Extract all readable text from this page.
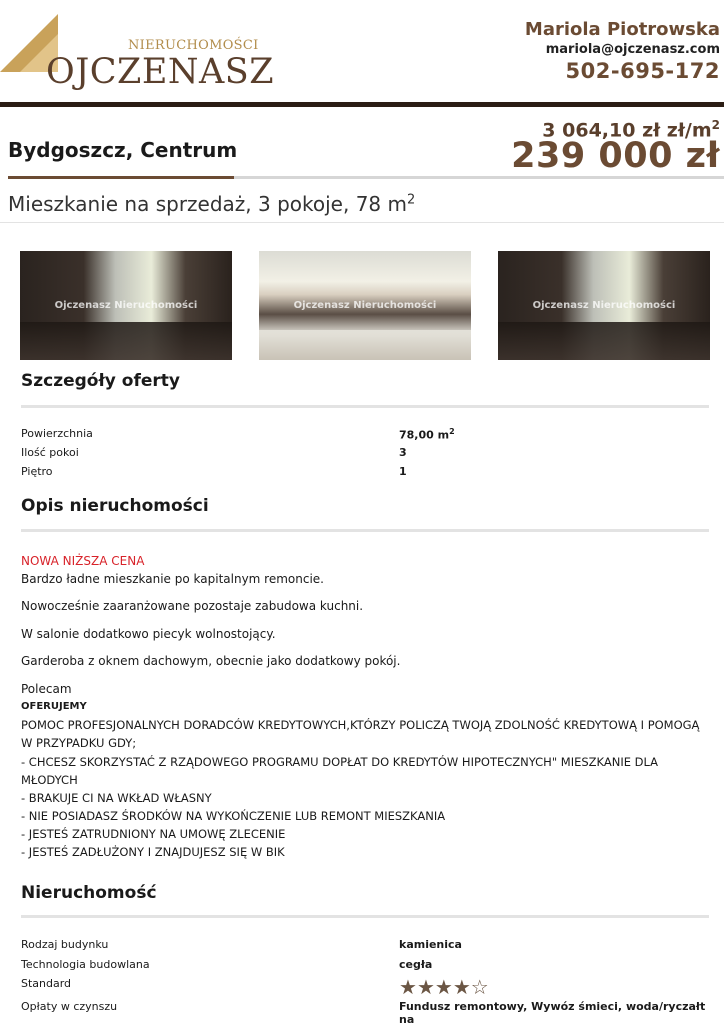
NIERUCHOMOŚCI
OJCZENASZ
Mariola Piotrowska
mariola@ojczenasz.com
502-695-172
Bydgoszcz, Centrum
3 064,10 zł $zł/m^2$
239 000 zł
Mieszkanie na sprzedaż, 3 pokoje, 78 $m^2$
Ojczenasz Nieruchomości	Ojczenasz Nieruchomości	Ojczenasz Nieruchomości
Szczegóły oferty
Powierzchnia	78,00 $m^2$
Ilość pokoi	3
Piętro	1
Opis nieruchomości
NOWA NIŻSZA CENA
Bardzo ładne mieszkanie po kapitalnym remoncie.
Nowocześnie zaaranżowane pozostaje zabudowa kuchni.
W salonie dodatkowo piecyk wolnostojący.
Garderoba z oknem dachowym, obecnie jako dodatkowy pokój.
Polecam
OFERUJEMY
POMOC PROFESJONALNYCH DORADCÓW KREDYTOWYCH,KTÓRZY POLICZĄ TWOJĄ ZDOLNOŚĆ KREDYTOWĄ I POMOGĄ W PRZYPADKU GDY;
- CHCESZ SKORZYSTAĆ Z RZĄDOWEGO PROGRAMU DOPŁAT DO KREDYTÓW HIPOTECZNYCH" MIESZKANIE DLA MŁODYCH
- BRAKUJE CI NA WKŁAD WŁASNY
- NIE POSIADASZ ŚRODKÓW NA WYKOŃCZENIE LUB REMONT MIESZKANIA
- JESTEŚ ZATRUDNIONY NA UMOWĘ ZLECENIE
- JESTEŚ ZADŁUŻONY I ZNAJDUJESZ SIĘ W BIK
Nieruchomość
Rodzaj budynku	kamienica
Technologia budowlana	cegła
Standard	★★★★☆
Opłaty w czynszu	Fundusz remontowy, Wywóz śmieci, woda/ryczałt na
